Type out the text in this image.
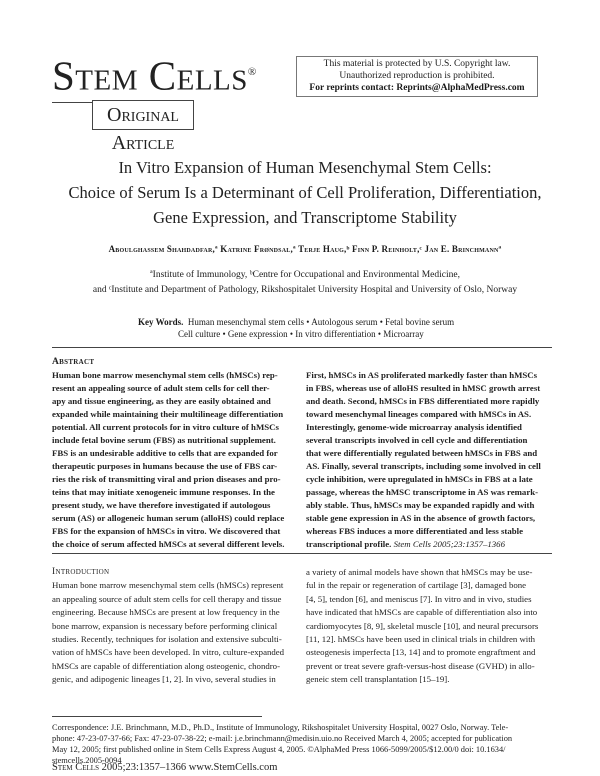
Stem Cells®
Original Article
This material is protected by U.S. Copyright law.
Unauthorized reproduction is prohibited.
For reprints contact: Reprints@AlphaMedPress.com
In Vitro Expansion of Human Mesenchymal Stem Cells:
Choice of Serum Is a Determinant of Cell Proliferation, Differentiation,
Gene Expression, and Transcriptome Stability
Aboulghassem Shahdadfar,ª Katrine Frøndsal,ª Terje Haug,ᵇ Finn P. Reinholt,ᶜ Jan E. Brinchmannª
ªInstitute of Immunology, ᵇCentre for Occupational and Environmental Medicine,
and ᶜInstitute and Department of Pathology, Rikshospitalet University Hospital and University of Oslo, Norway
Key Words. Human mesenchymal stem cells • Autologous serum • Fetal bovine serum
Cell culture • Gene expression • In vitro differentiation • Microarray
Abstract
Human bone marrow mesenchymal stem cells (hMSCs) rep-
resent an appealing source of adult stem cells for cell ther-
apy and tissue engineering, as they are easily obtained and
expanded while maintaining their multilineage differentiation
potential. All current protocols for in vitro culture of hMSCs
include fetal bovine serum (FBS) as nutritional supplement.
FBS is an undesirable additive to cells that are expanded for
therapeutic purposes in humans because the use of FBS car-
ries the risk of transmitting viral and prion diseases and pro-
teins that may initiate xenogeneic immune responses. In the
present study, we have therefore investigated if autologous
serum (AS) or allogeneic human serum (alloHS) could replace
FBS for the expansion of hMSCs in vitro. We discovered that
the choice of serum affected hMSCs at several different levels.
First, hMSCs in AS proliferated markedly faster than hMSCs
in FBS, whereas use of alloHS resulted in hMSC growth arrest
and death. Second, hMSCs in FBS differentiated more rapidly
toward mesenchymal lineages compared with hMSCs in AS.
Interestingly, genome-wide microarray analysis identified
several transcripts involved in cell cycle and differentiation
that were differentially regulated between hMSCs in FBS and
AS. Finally, several transcripts, including some involved in cell
cycle inhibition, were upregulated in hMSCs in FBS at a late
passage, whereas the hMSC transcriptome in AS was remark-
ably stable. Thus, hMSCs may be expanded rapidly and with
stable gene expression in AS in the absence of growth factors,
whereas FBS induces a more differentiated and less stable
transcriptional profile. Stem Cells 2005;23:1357–1366
Introduction
Human bone marrow mesenchymal stem cells (hMSCs) represent
an appealing source of adult stem cells for cell therapy and tissue
engineering. Because hMSCs are present at low frequency in the
bone marrow, expansion is necessary before performing clinical
studies. Recently, techniques for isolation and extensive subculti-
vation of hMSCs have been developed. In vitro, culture-expanded
hMSCs are capable of differentiation along osteogenic, chondro-
genic, and adipogenic lineages [1, 2]. In vivo, several studies in
a variety of animal models have shown that hMSCs may be use-
ful in the repair or regeneration of cartilage [3], damaged bone
[4, 5], tendon [6], and meniscus [7]. In vitro and in vivo, studies
have indicated that hMSCs are capable of differentiation also into
cardiomyocytes [8, 9], skeletal muscle [10], and neural precursors
[11, 12]. hMSCs have been used in clinical trials in children with
osteogenesis imperfecta [13, 14] and to promote engraftment and
prevent or treat severe graft-versus-host disease (GVHD) in allo-
geneic stem cell transplantation [15–19].
Correspondence: J.E. Brinchmann, M.D., Ph.D., Institute of Immunology, Rikshospitalet University Hospital, 0027 Oslo, Norway. Tele-
phone: 47-23-07-37-66; Fax: 47-23-07-38-22; e-mail: j.e.brinchmann@medisin.uio.no Received March 4, 2005; accepted for publication
May 12, 2005; first published online in Stem Cells Express August 4, 2005. ©AlphaMed Press 1066-5099/2005/$12.00/0 doi: 10.1634/
stemcells.2005-0094
Stem Cells 2005;23:1357–1366 www.StemCells.com
